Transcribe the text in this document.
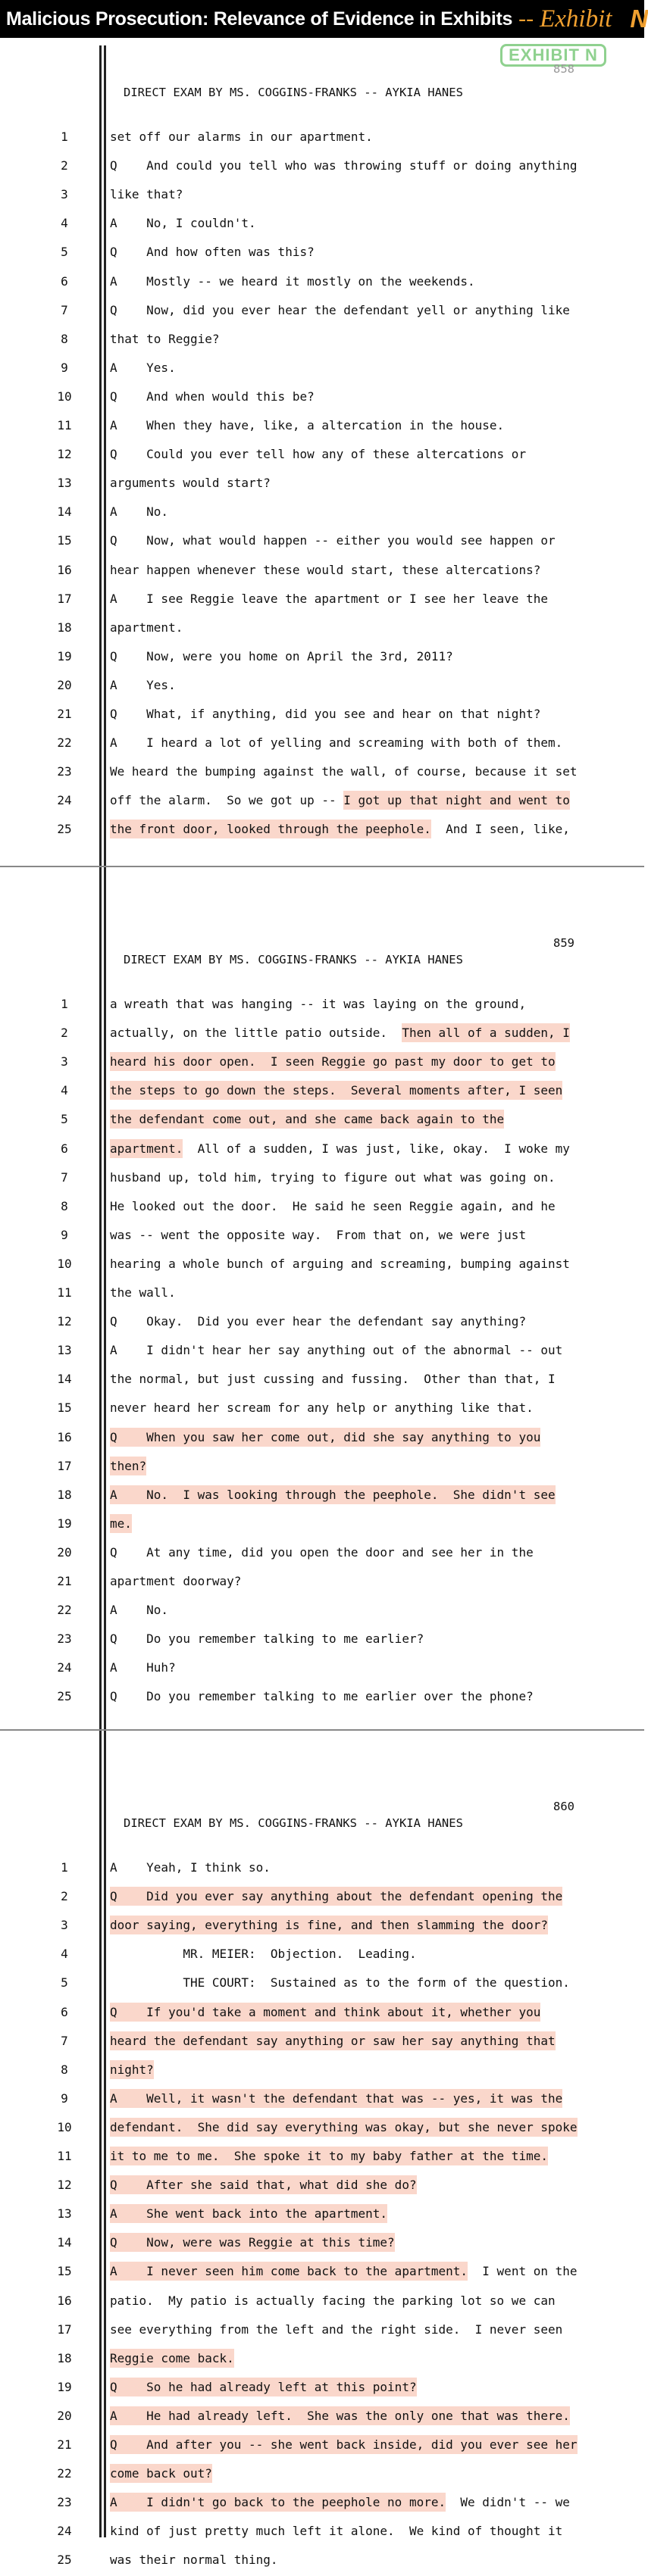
Malicious Prosecution: Relevance of Evidence in Exhibits -- Exhibit N
EXHIBIT N
858
DIRECT EXAM BY MS. COGGINS-FRANKS -- AYKIA HANES
1	set off our alarms in our apartment.
2	Q    And could you tell who was throwing stuff or doing anything
3	like that?
4	A    No, I couldn't.
5	Q    And how often was this?
6	A    Mostly -- we heard it mostly on the weekends.
7	Q    Now, did you ever hear the defendant yell or anything like
8	that to Reggie?
9	A    Yes.
10	Q    And when would this be?
11	A    When they have, like, a altercation in the house.
12	Q    Could you ever tell how any of these altercations or
13	arguments would start?
14	A    No.
15	Q    Now, what would happen -- either you would see happen or
16	hear happen whenever these would start, these altercations?
17	A    I see Reggie leave the apartment or I see her leave the
18	apartment.
19	Q    Now, were you home on April the 3rd, 2011?
20	A    Yes.
21	Q    What, if anything, did you see and hear on that night?
22	A    I heard a lot of yelling and screaming with both of them.
23	We heard the bumping against the wall, of course, because it set
24	off the alarm.  So we got up -- I got up that night and went to
25	the front door, looked through the peephole.  And I seen, like,
859
DIRECT EXAM BY MS. COGGINS-FRANKS -- AYKIA HANES
1	a wreath that was hanging -- it was laying on the ground,
2	actually, on the little patio outside.  Then all of a sudden, I
3	heard his door open.  I seen Reggie go past my door to get to
4	the steps to go down the steps.  Several moments after, I seen
5	the defendant come out, and she came back again to the
6	apartment.  All of a sudden, I was just, like, okay.  I woke my
7	husband up, told him, trying to figure out what was going on.
8	He looked out the door.  He said he seen Reggie again, and he
9	was -- went the opposite way.  From that on, we were just
10	hearing a whole bunch of arguing and screaming, bumping against
11	the wall.
12	Q    Okay.  Did you ever hear the defendant say anything?
13	A    I didn't hear her say anything out of the abnormal -- out
14	the normal, but just cussing and fussing.  Other than that, I
15	never heard her scream for any help or anything like that.
16	Q    When you saw her come out, did she say anything to you
17	then?
18	A    No.  I was looking through the peephole.  She didn't see
19	me.
20	Q    At any time, did you open the door and see her in the
21	apartment doorway?
22	A    No.
23	Q    Do you remember talking to me earlier?
24	A    Huh?
25	Q    Do you remember talking to me earlier over the phone?
860
DIRECT EXAM BY MS. COGGINS-FRANKS -- AYKIA HANES
1	A    Yeah, I think so.
2	Q    Did you ever say anything about the defendant opening the
3	door saying, everything is fine, and then slamming the door?
4	MR. MEIER:  Objection.  Leading.
5	THE COURT:  Sustained as to the form of the question.
6	Q    If you'd take a moment and think about it, whether you
7	heard the defendant say anything or saw her say anything that
8	night?
9	A    Well, it wasn't the defendant that was -- yes, it was the
10	defendant.  She did say everything was okay, but she never spoke
11	it to me to me.  She spoke it to my baby father at the time.
12	Q    After she said that, what did she do?
13	A    She went back into the apartment.
14	Q    Now, were was Reggie at this time?
15	A    I never seen him come back to the apartment.  I went on the
16	patio.  My patio is actually facing the parking lot so we can
17	see everything from the left and the right side.  I never seen
18	Reggie come back.
19	Q    So he had already left at this point?
20	A    He had already left.  She was the only one that was there.
21	Q    And after you -- she went back inside, did you ever see her
22	come back out?
23	A    I didn't go back to the peephole no more.  We didn't -- we
24	kind of just pretty much left it alone.  We kind of thought it
25	was their normal thing.
